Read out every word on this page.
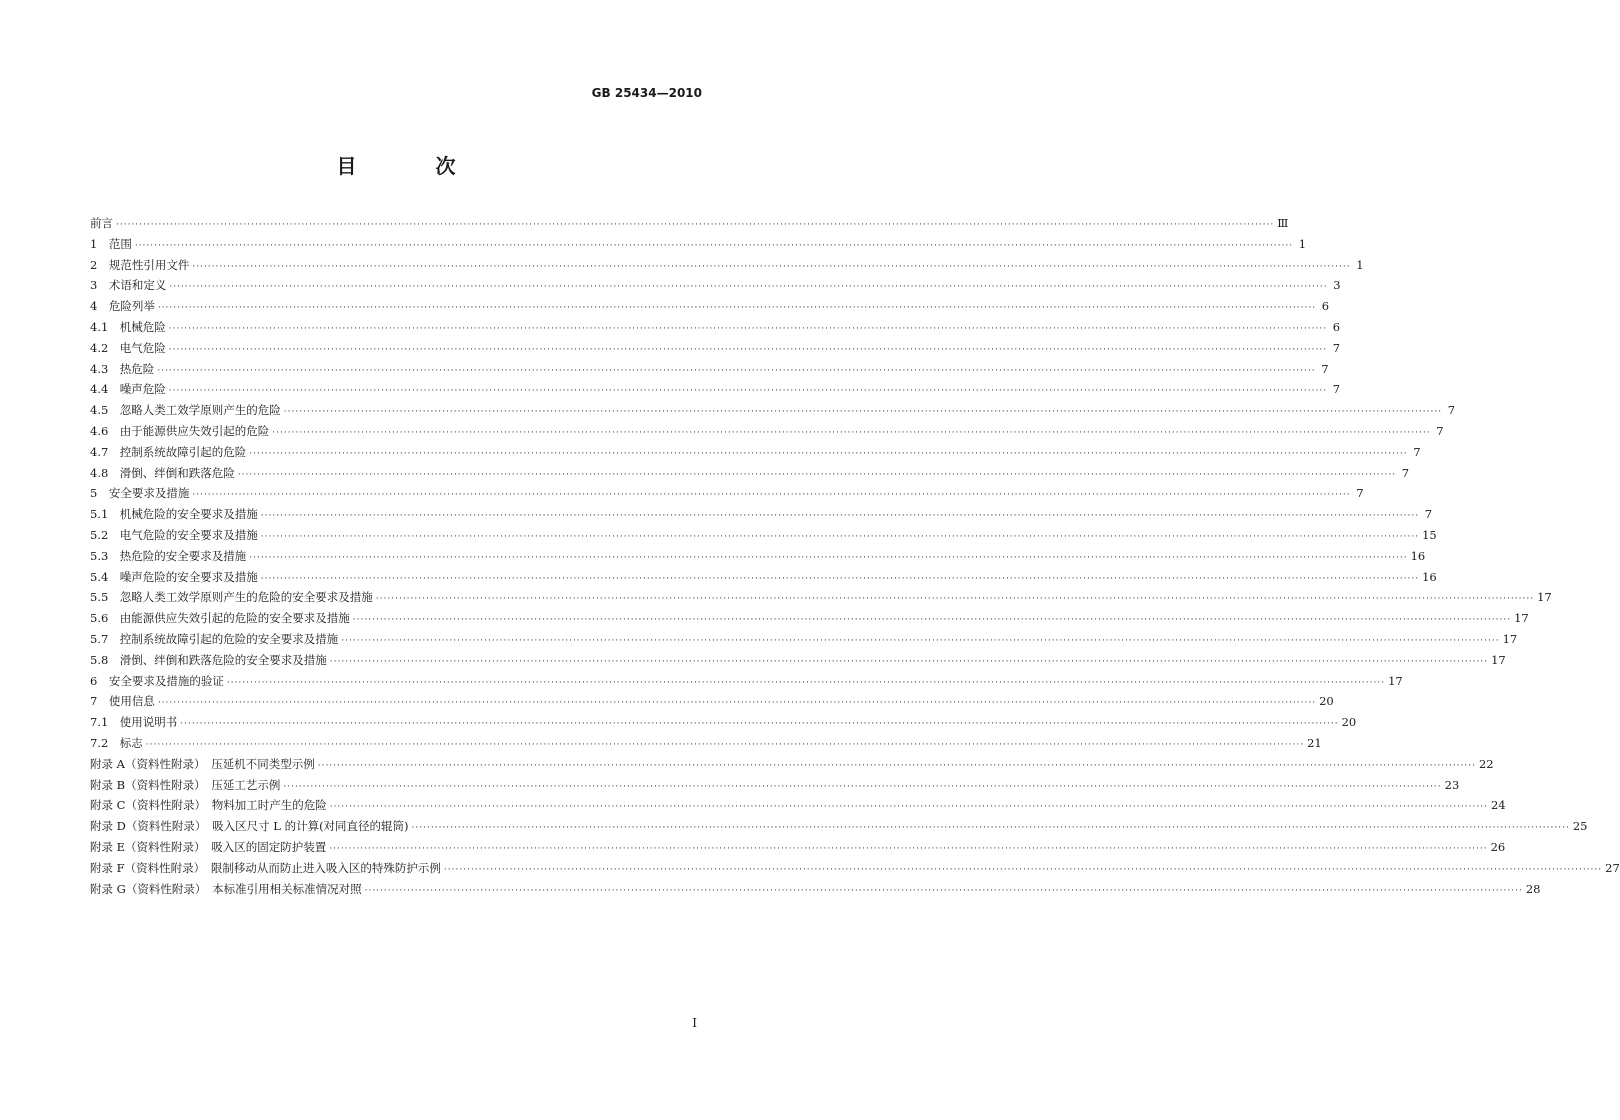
GB 25434—2010
目 次
前言 ············································································································································································································································································································ Ⅲ
1　范围 ············································································································································································································································································································ 1
2　规范性引用文件 ············································································································································································································································································································ 1
3　术语和定义 ············································································································································································································································································································ 3
4　危险列举 ············································································································································································································································································································ 6
4.1　机械危险 ············································································································································································································································································································ 6
4.2　电气危险 ············································································································································································································································································································ 7
4.3　热危险 ············································································································································································································································································································ 7
4.4　噪声危险 ············································································································································································································································································································ 7
4.5　忽略人类工效学原则产生的危险 ············································································································································································································································································································ 7
4.6　由于能源供应失效引起的危险 ············································································································································································································································································································ 7
4.7　控制系统故障引起的危险 ············································································································································································································································································································ 7
4.8　滑倒、绊倒和跌落危险 ············································································································································································································································································································ 7
5　安全要求及措施 ············································································································································································································································································································ 7
5.1　机械危险的安全要求及措施 ············································································································································································································································································································ 7
5.2　电气危险的安全要求及措施 ············································································································································································································································································································ 15
5.3　热危险的安全要求及措施 ············································································································································································································································································································ 16
5.4　噪声危险的安全要求及措施 ············································································································································································································································································································ 16
5.5　忽略人类工效学原则产生的危险的安全要求及措施 ············································································································································································································································································································ 17
5.6　由能源供应失效引起的危险的安全要求及措施 ············································································································································································································································································································ 17
5.7　控制系统故障引起的危险的安全要求及措施 ············································································································································································································································································································ 17
5.8　滑倒、绊倒和跌落危险的安全要求及措施 ············································································································································································································································································································ 17
6　安全要求及措施的验证 ············································································································································································································································································································ 17
7　使用信息 ············································································································································································································································································································ 20
7.1　使用说明书 ············································································································································································································································································································ 20
7.2　标志 ············································································································································································································································································································ 21
附录 A（资料性附录）　压延机不同类型示例 ············································································································································································································································································································ 22
附录 B（资料性附录）　压延工艺示例 ············································································································································································································································································································ 23
附录 C（资料性附录）　物料加工时产生的危险 ············································································································································································································································································································ 24
附录 D（资料性附录）　吸入区尺寸 L 的计算(对同直径的辊筒) ············································································································································································································································································································ 25
附录 E（资料性附录）　吸入区的固定防护装置 ············································································································································································································································································································ 26
附录 F（资料性附录）　限制移动从而防止进入吸入区的特殊防护示例 ············································································································································································································································································································ 27
附录 G（资料性附录）　本标准引用相关标准情况对照 ············································································································································································································································································································ 28
I
